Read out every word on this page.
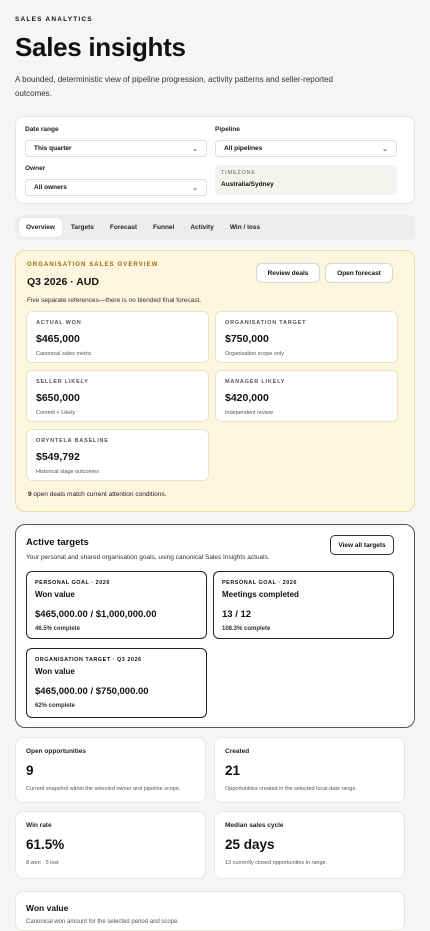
SALES ANALYTICS
Sales insights
A bounded, deterministic view of pipeline progression, activity patterns and seller-reported outcomes.
Date range
This quarter	⌄
Pipeline
All pipelines	⌄
Owner
All owners	⌄
TIMEZONE
Australia/Sydney
Overview	Targets	Forecast	Funnel	Activity	Win / loss
ORGANISATION SALES OVERVIEW
Q3 2026 · AUD
Five separate references—there is no blended final forecast.
Review deals	Open forecast
ACTUAL WON
$465,000
Canonical sales metric
ORGANISATION TARGET
$750,000
Organisation scope only
SELLER LIKELY
$650,000
Commit + Likely
MANAGER LIKELY
$420,000
Independent review
ORYNTELA BASELINE
$549,792
Historical stage outcomes
9 open deals match current attention conditions.
Active targets
Your personal and shared organisation goals, using canonical Sales Insights actuals.
View all targets
PERSONAL GOAL · 2026
Won value
$465,000.00 / $1,000,000.00
46.5% complete
PERSONAL GOAL · 2026
Meetings completed
13 / 12
108.3% complete
ORGANISATION TARGET · Q3 2026
Won value
$465,000.00 / $750,000.00
62% complete
Open opportunities
9
Current snapshot within the selected owner and pipeline scope.
Created
21
Opportunities created in the selected local-date range.
Win rate
61.5%
8 won · 5 lost
Median sales cycle
25 days
13 currently closed opportunities in range.
Won value
Canonical won amount for the selected period and scope.
